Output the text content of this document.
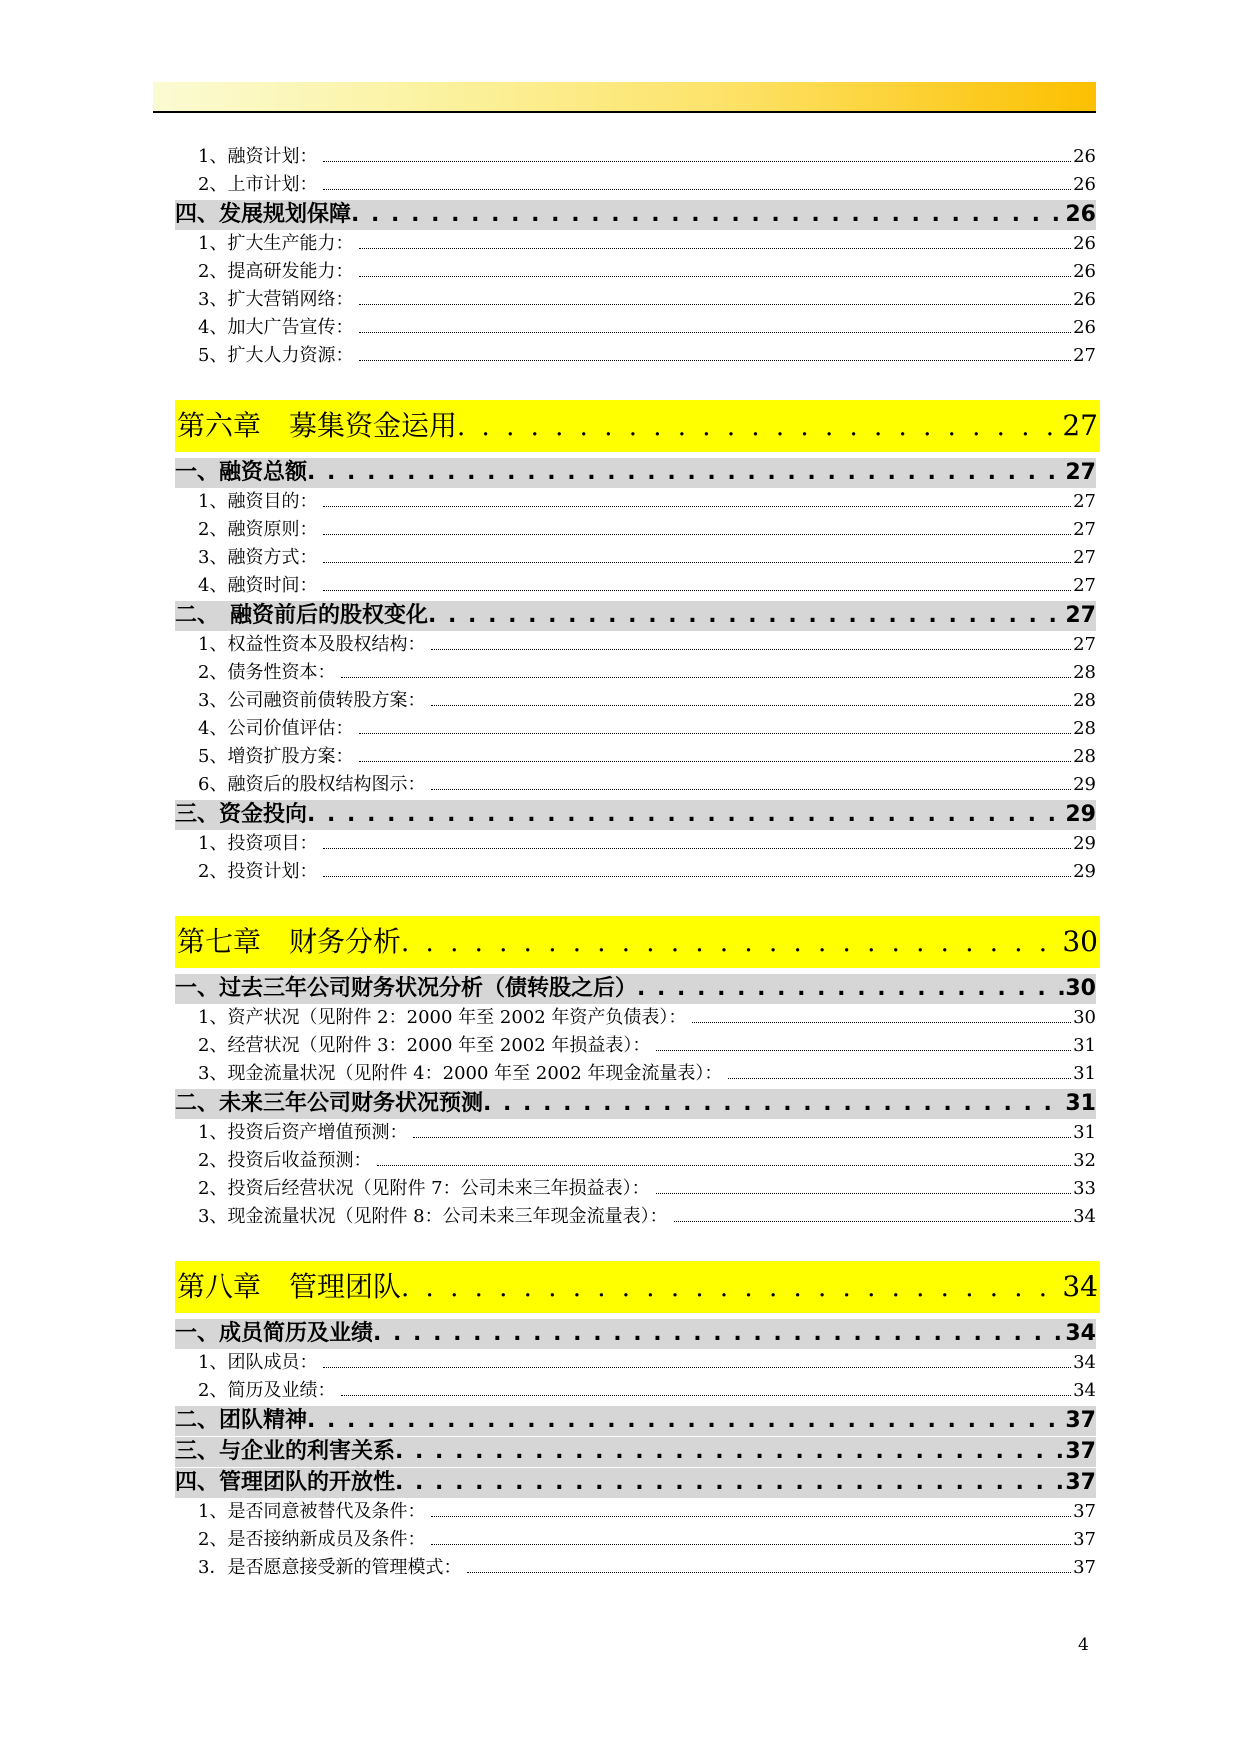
1、融资计划：	26
2、上市计划：	26
四、发展规划保障 . . .	26
1、扩大生产能力：	26
2、提高研发能力：	26
3、扩大营销网络：	26
4、加大广告宣传：	26
5、扩大人力资源：	27
第六章　募集资金运用 . . .	27
一、融资总额 . . .	27
1、融资目的：	27
2、融资原则：	27
3、融资方式：	27
4、融资时间：	27
二、　融资前后的股权变化 . . .	27
1、权益性资本及股权结构：	27
2、债务性资本：	28
3、公司融资前债转股方案：	28
4、公司价值评估：	28
5、增资扩股方案：	28
6、融资后的股权结构图示：	29
三、资金投向 . . .	29
1、投资项目：	29
2、投资计划：	29
第七章　财务分析 . . .	30
一、过去三年公司财务状况分析（债转股之后） . . .	30
1、资产状况（见附件 2：2000 年至 2002 年资产负债表）：	30
2、经营状况（见附件 3：2000 年至 2002 年损益表）：	31
3、现金流量状况（见附件 4：2000 年至 2002 年现金流量表）：	31
二、未来三年公司财务状况预测 . . .	31
1、投资后资产增值预测：	31
2、投资后收益预测：	32
2、投资后经营状况（见附件 7：公司未来三年损益表）：	33
3、现金流量状况（见附件 8：公司未来三年现金流量表）：	34
第八章　管理团队 . . .	34
一、成员简历及业绩 . . .	34
1、团队成员：	34
2、简历及业绩：	34
二、团队精神 . . .	37
三、与企业的利害关系 . . .	37
四、管理团队的开放性 . . .	37
1、是否同意被替代及条件：	37
2、是否接纳新成员及条件：	37
3．是否愿意接受新的管理模式：	37
4
